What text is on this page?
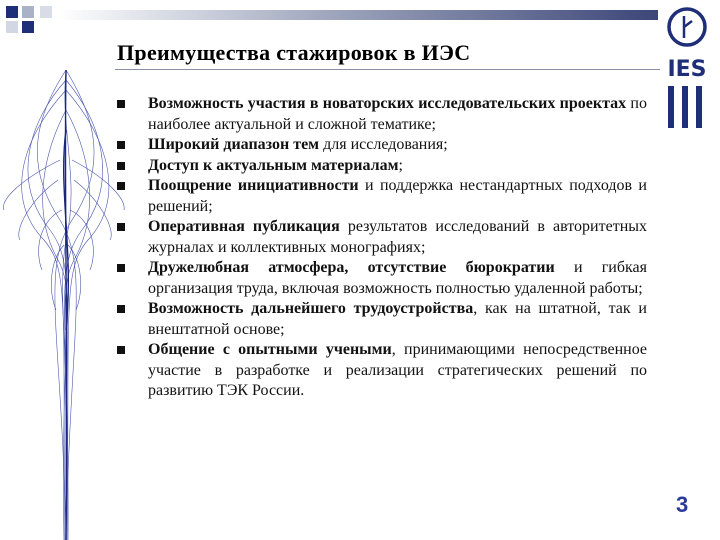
Преимущества стажировок в ИЭС
IES
Возможность участия в новаторских исследовательских проектах по наиболее актуальной и сложной тематике;
Широкий диапазон тем для исследования;
Доступ к актуальным материалам;
Поощрение инициативности и поддержка нестандартных подходов и решений;
Оперативная публикация результатов исследований в авторитетных журналах и коллективных монографиях;
Дружелюбная атмосфера, отсутствие бюрократии и гибкая организация труда, включая возможность полностью удаленной работы;
Возможность дальнейшего трудоустройства, как на штатной, так и внештатной основе;
Общение с опытными учеными, принимающими непосредственное участие в разработке и реализации стратегических решений по развитию ТЭК России.
3
